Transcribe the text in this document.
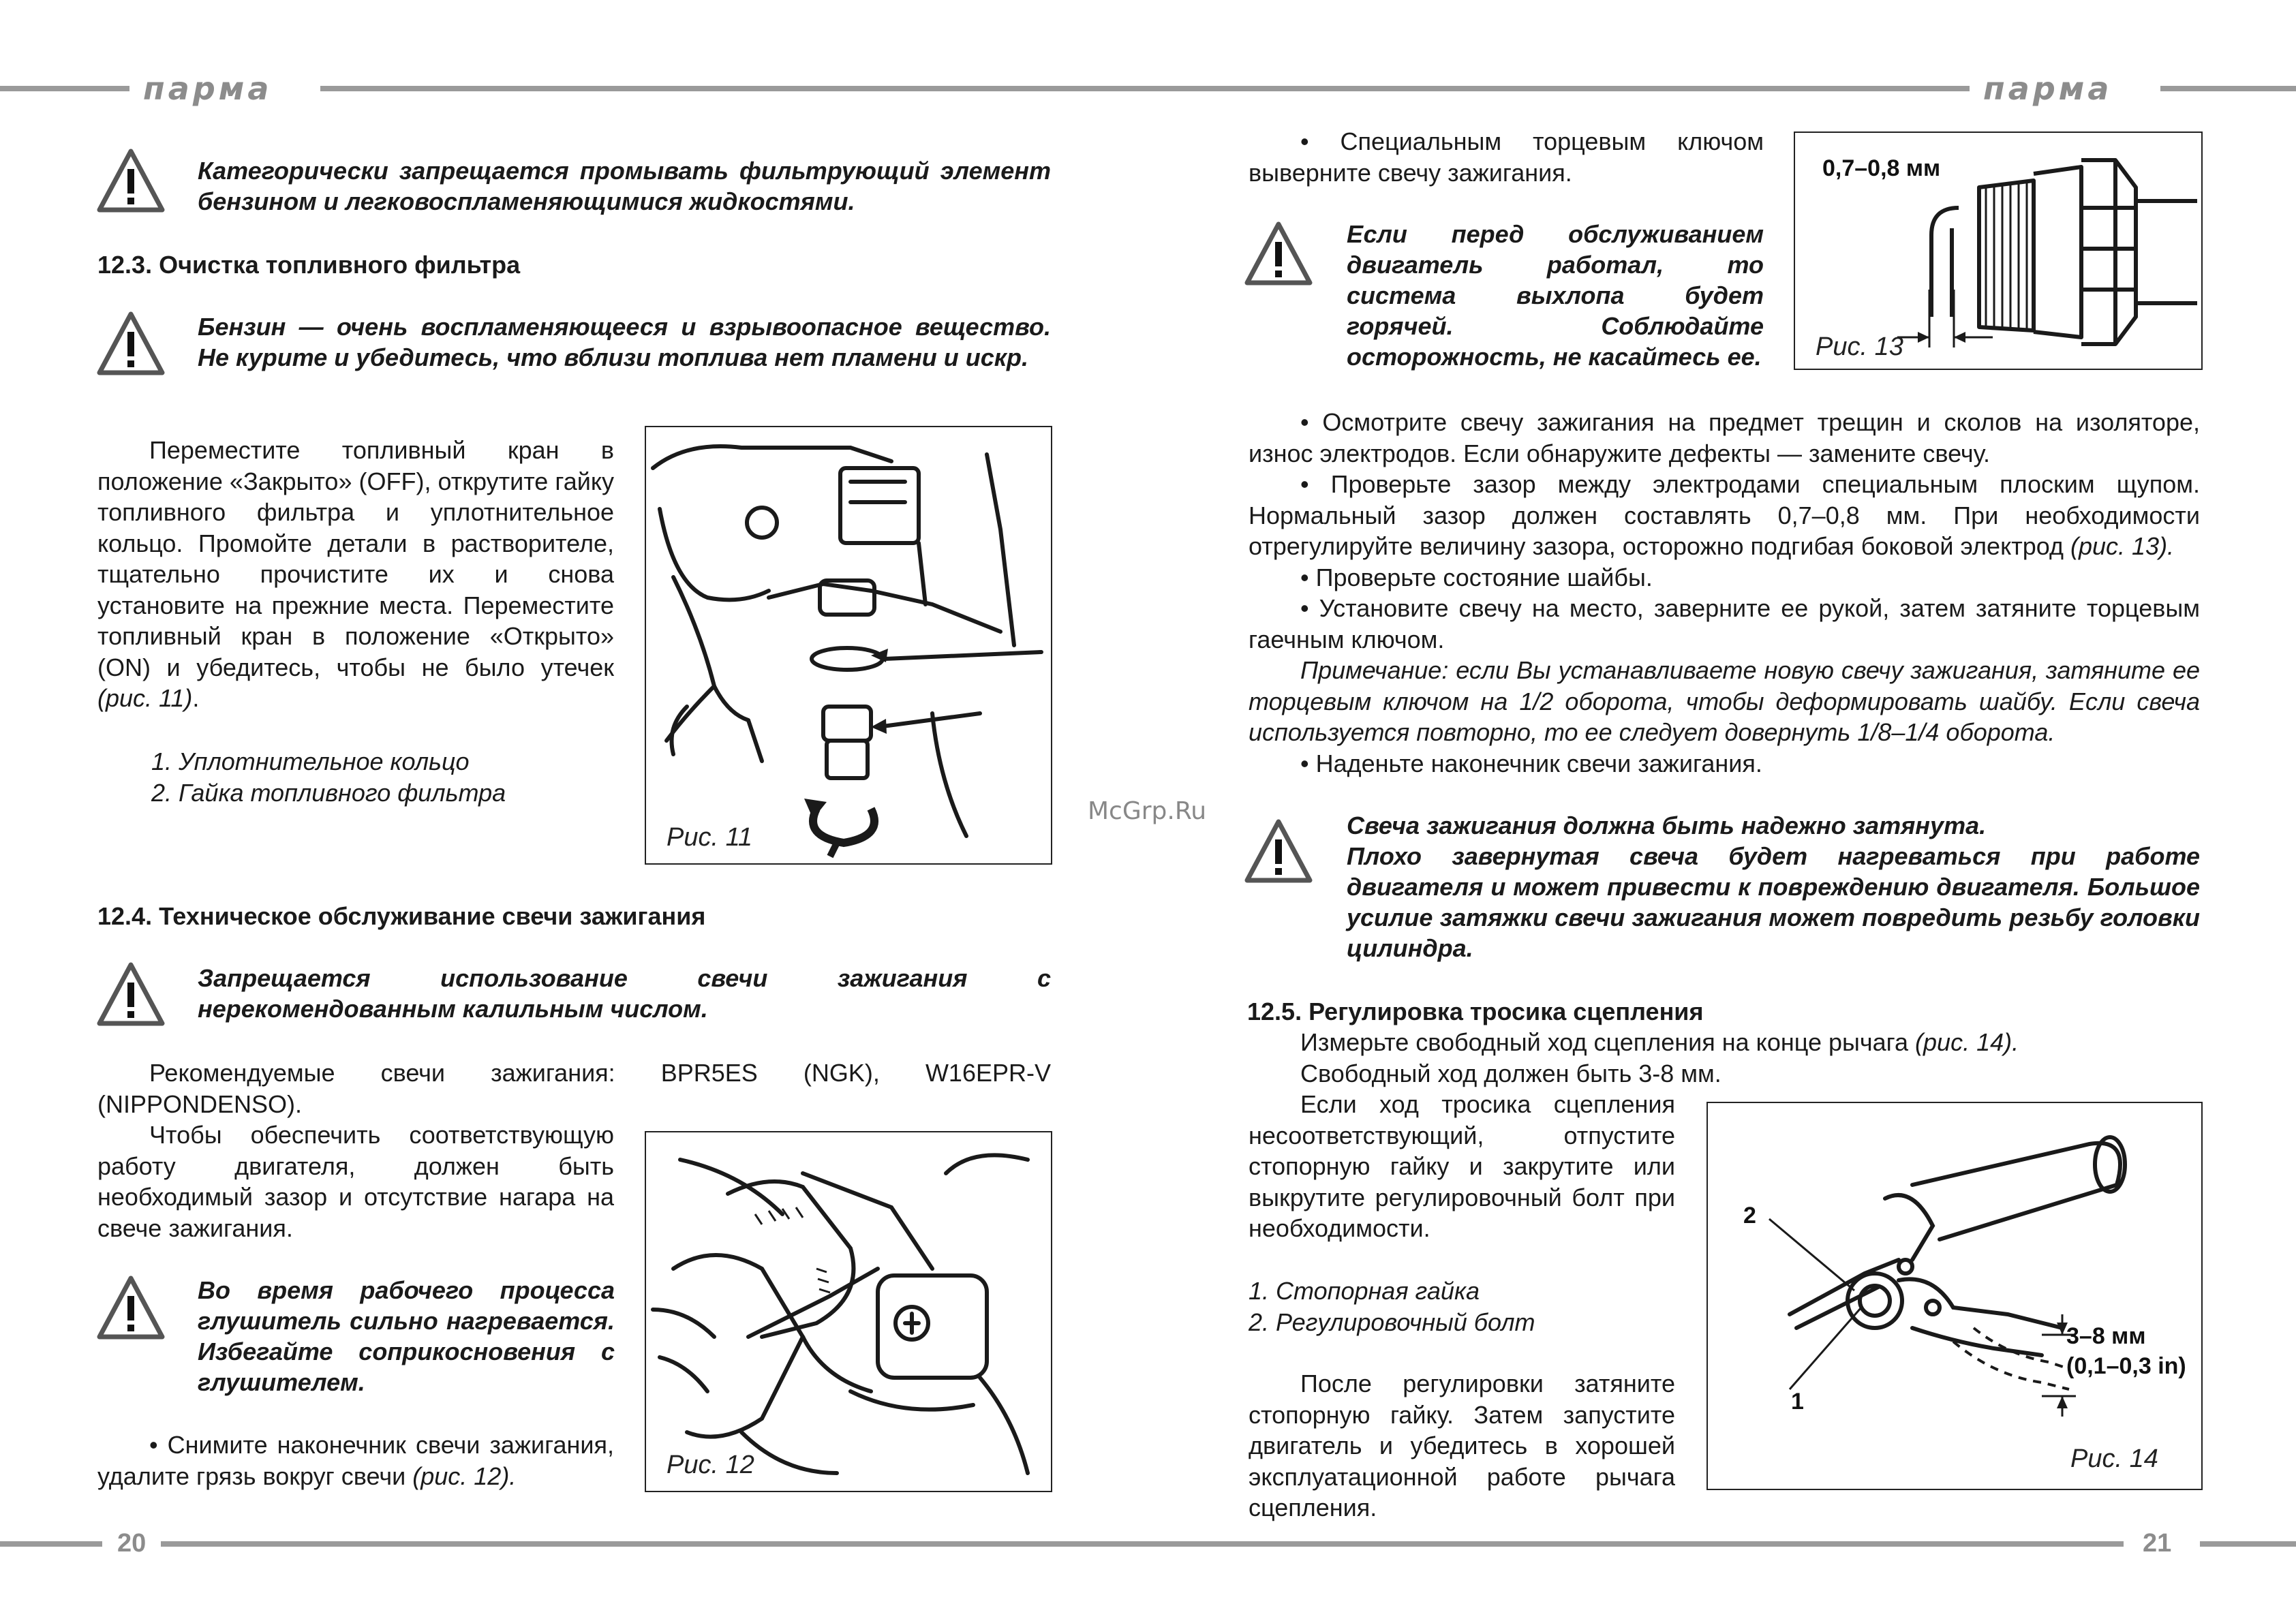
парма	парма
Категорически запрещается промывать фильтрующий элемент бензином и легковоспламеняющимися жидкостями.
12.3. Очистка топливного фильтра
Бензин — очень воспламеняющееся и взрывоопасное вещество. Не курите и убедитесь, что вблизи топлива нет пламени и искр.

Переместите топливный кран в положение «Закрыто» (OFF), открутите гайку топливного фильтра и уплотнительное кольцо. Промойте детали в растворителе, тщательно прочистите их и снова установите на прежние места. Переместите топливный кран в положение «Открыто» (ON) и убедитесь, чтобы не было утечек (рис. 11).

1. Уплотнительное кольцо
2. Гайка топливного фильтра
Рис. 11
12.4. Техническое обслуживание свечи зажигания
Запрещается использование свечи зажигания с нерекомендованным калильным числом.

Рекомендуемые свечи зажигания: BPR5ES (NGK), W16EPR-V (NIPPONDENSO).

Чтобы обеспечить соответствующую работу двигателя, должен быть необходимый зазор и отсутствие нагара на свече зажигания.

Во время рабочего процесса глушитель сильно нагревается. Избегайте соприкосновения с глушителем.

• Снимите наконечник свечи зажигания, удалите грязь вокруг свечи (рис. 12).	Рис. 12

• Специальным торцевым ключом выверните свечу зажигания.

Если перед обслуживанием двигатель работал, то система выхлопа будет горячей. Соблюдайте осторожность, не касайтесь ее.
0,7–0,8 мм
Рис. 13

• Осмотрите свечу зажигания на предмет трещин и сколов на изоляторе, износ электродов. Если обнаружите дефекты — замените свечу.

• Проверьте зазор между электродами специальным плоским щупом. Нормальный зазор должен составлять 0,7–0,8 мм. При необходимости отрегулируйте величину зазора, осторожно подгибая боковой электрод (рис. 13).

• Проверьте состояние шайбы.

• Установите свечу на место, заверните ее рукой, затем затяните торцевым гаечным ключом.

Примечание: если Вы устанавливаете новую свечу зажигания, затяните ее торцевым ключом на 1/2 оборота, чтобы деформировать шайбу. Если свеча используется повторно, то ее следует довернуть 1/8–1/4 оборота.

• Наденьте наконечник свечи зажигания.

McGrp.Ru
Свеча зажигания должна быть надежно затянута.
Плохо завернутая свеча будет нагреваться при работе двигателя и может привести к повреждению двигателя. Большое усилие затяжки свечи зажигания может повредить резьбу головки цилиндра.
12.5. Регулировка тросика сцепления

Измерьте свободный ход сцепления на конце рычага (рис. 14).

Свободный ход должен быть 3-8 мм.

Если ход тросика сцепления несоответствующий, отпустите стопорную гайку и закрутите или выкрутите регулировочный болт при необходимости.

1. Стопорная гайка
2. Регулировочный болт

После регулировки затяните стопорную гайку. Затем запустите двигатель и убедитесь в хорошей эксплуатационной работе рычага сцепления.

2
1
3–8 мм
(0,1–0,3 in)
Рис. 14
20	21
